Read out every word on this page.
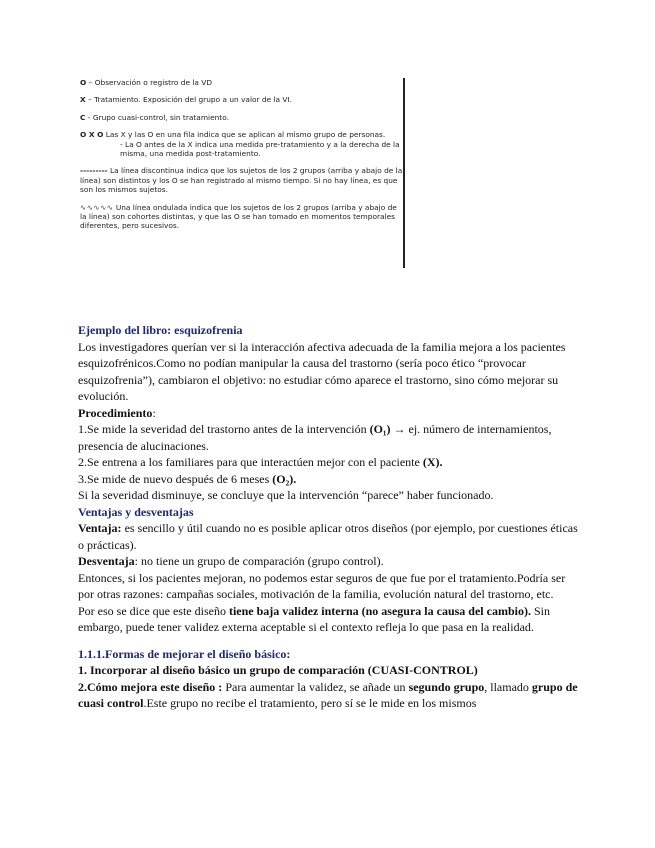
O – Observación o registro de la VD

X – Tratamiento. Exposición del grupo a un valor de la VI.

C - Grupo cuasi-control, sin tratamiento.

O X O Las X y las O en una fila indica que se aplican al mismo grupo de personas.

- La O antes de la X indica una medida pre-tratamiento y a la derecha de la misma, una medida post-tratamiento.

--------- La línea discontinua indica que los sujetos de los 2 grupos (arriba y abajo de la línea) son distintos y los O se han registrado al mismo tiempo. Si no hay línea, es que son los mismos sujetos.

∿∿∿∿∿ Una línea ondulada indica que los sujetos de los 2 grupos (arriba y abajo de la línea) son cohortes distintas, y que las O se han tomado en momentos temporales diferentes, pero sucesivos.

Ejemplo del libro: esquizofrenia

Los investigadores querían ver si la interacción afectiva adecuada de la familia mejora a los pacientes esquizofrénicos.Como no podían manipular la causa del trastorno (sería poco ético “provocar esquizofrenia”), cambiaron el objetivo: no estudiar cómo aparece el trastorno, sino cómo mejorar su evolución.

Procedimiento:

1.Se mide la severidad del trastorno antes de la intervención (O₁) → ej. número de internamientos, presencia de alucinaciones.

2.Se entrena a los familiares para que interactúen mejor con el paciente (X).

3.Se mide de nuevo después de 6 meses (O₂).

Si la severidad disminuye, se concluye que la intervención “parece” haber funcionado.

Ventajas y desventajas

Ventaja: es sencillo y útil cuando no es posible aplicar otros diseños (por ejemplo, por cuestiones éticas o prácticas).

Desventaja: no tiene un grupo de comparación (grupo control).

Entonces, si los pacientes mejoran, no podemos estar seguros de que fue por el tratamiento.Podría ser por otras razones: campañas sociales, motivación de la familia, evolución natural del trastorno, etc.

Por eso se dice que este diseño tiene baja validez interna (no asegura la causa del cambio). Sin embargo, puede tener validez externa aceptable si el contexto refleja lo que pasa en la realidad.

1.1.1.Formas de mejorar el diseño básico:

1. Incorporar al diseño básico un grupo de comparación (CUASI-CONTROL)

2.Cómo mejora este diseño : Para aumentar la validez, se añade un segundo grupo, llamado grupo de cuasi control.Este grupo no recibe el tratamiento, pero sí se le mide en los mismos
